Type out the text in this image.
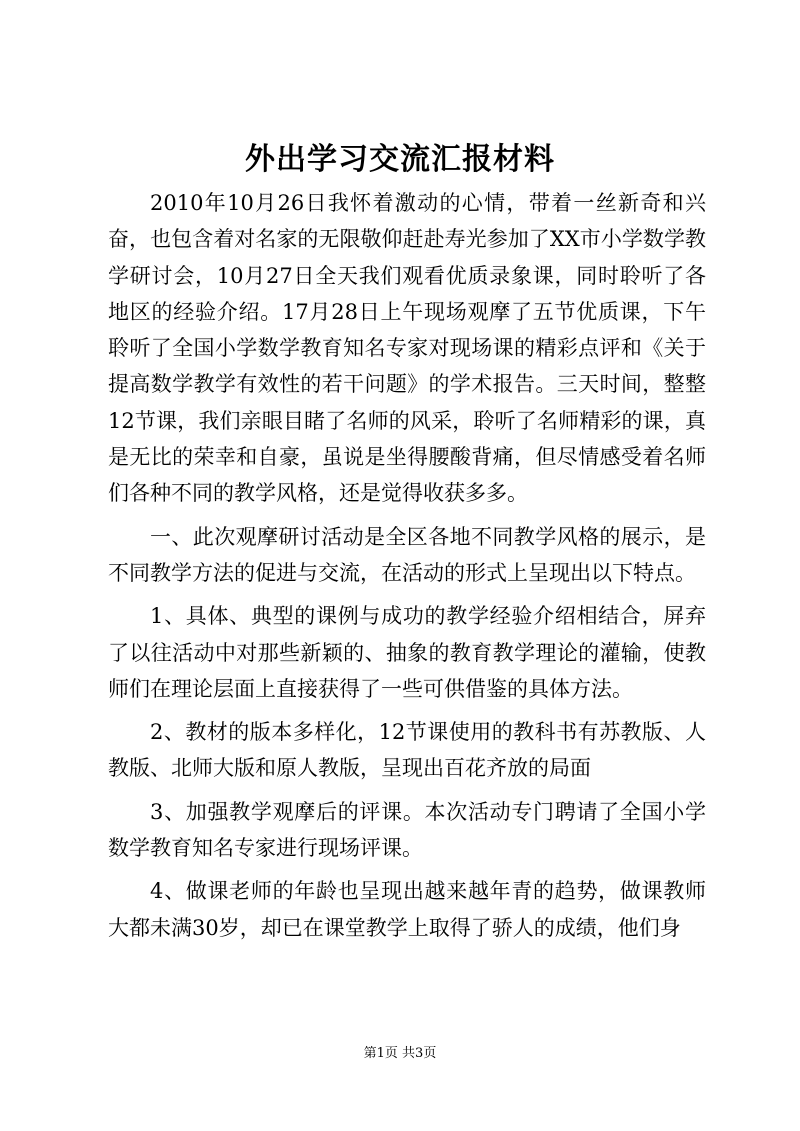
外出学习交流汇报材料

2010年10月26日我怀着激动的心情，带着一丝新奇和兴奋，也包含着对名家的无限敬仰赶赴寿光参加了XX市小学数学教学研讨会，10月27日全天我们观看优质录象课，同时聆听了各地区的经验介绍。17月28日上午现场观摩了五节优质课，下午聆听了全国小学数学教育知名专家对现场课的精彩点评和《关于提高数学教学有效性的若干问题》的学术报告。三天时间，整整12节课，我们亲眼目睹了名师的风采，聆听了名师精彩的课，真是无比的荣幸和自豪，虽说是坐得腰酸背痛，但尽情感受着名师们各种不同的教学风格，还是觉得收获多多。

一、此次观摩研讨活动是全区各地不同教学风格的展示，是不同教学方法的促进与交流，在活动的形式上呈现出以下特点。

1、具体、典型的课例与成功的教学经验介绍相结合，屏弃了以往活动中对那些新颖的、抽象的教育教学理论的灌输，使教师们在理论层面上直接获得了一些可供借鉴的具体方法。

2、教材的版本多样化，12节课使用的教科书有苏教版、人教版、北师大版和原人教版，呈现出百花齐放的局面

3、加强教学观摩后的评课。本次活动专门聘请了全国小学数学教育知名专家进行现场评课。

4、做课老师的年龄也呈现出越来越年青的趋势，做课教师大都未满30岁，却已在课堂教学上取得了骄人的成绩，他们身

第1页 共3页
